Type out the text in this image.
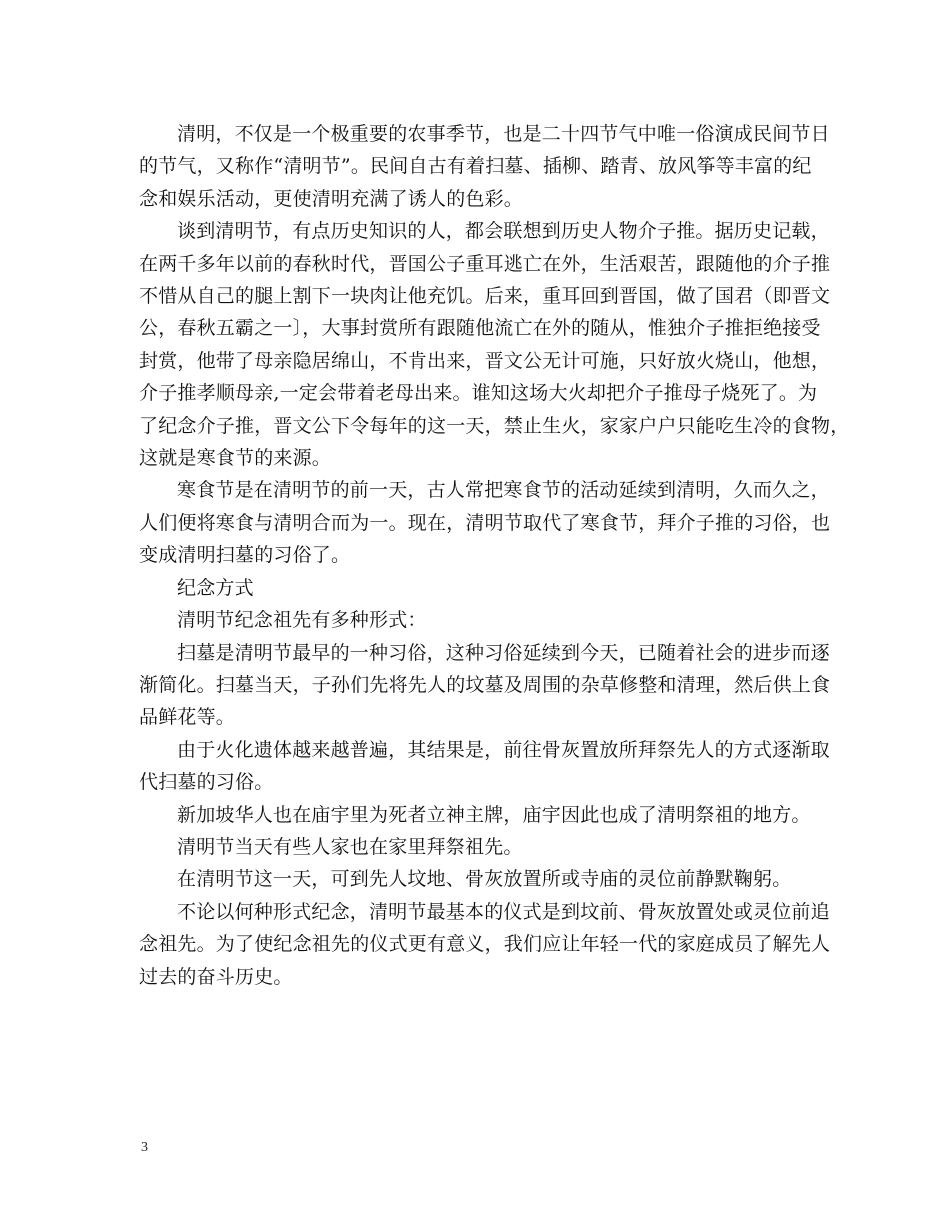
清明，不仅是一个极重要的农事季节，也是二十四节气中唯一俗演成民间节日
的节气，又称作“清明节”。民间自古有着扫墓、插柳、踏青、放风筝等丰富的纪
念和娱乐活动，更使清明充满了诱人的色彩。
谈到清明节，有点历史知识的人，都会联想到历史人物介子推。据历史记载，
在两千多年以前的春秋时代，晋国公子重耳逃亡在外，生活艰苦，跟随他的介子推
不惜从自己的腿上割下一块肉让他充饥。后来，重耳回到晋国，做了国君（即晋文
公，春秋五霸之一〕，大事封赏所有跟随他流亡在外的随从，惟独介子推拒绝接受
封赏，他带了母亲隐居绵山，不肯出来，晋文公无计可施，只好放火烧山，他想，
介子推孝顺母亲,一定会带着老母出来。谁知这场大火却把介子推母子烧死了。为
了纪念介子推，晋文公下令每年的这一天，禁止生火，家家户户只能吃生冷的食物，
这就是寒食节的来源。
寒食节是在清明节的前一天，古人常把寒食节的活动延续到清明，久而久之，
人们便将寒食与清明合而为一。现在，清明节取代了寒食节，拜介子推的习俗，也
变成清明扫墓的习俗了。
纪念方式
清明节纪念祖先有多种形式：
扫墓是清明节最早的一种习俗，这种习俗延续到今天，已随着社会的进步而逐
渐简化。扫墓当天，子孙们先将先人的坟墓及周围的杂草修整和清理，然后供上食
品鲜花等。
由于火化遗体越来越普遍，其结果是，前往骨灰置放所拜祭先人的方式逐渐取
代扫墓的习俗。
新加坡华人也在庙宇里为死者立神主牌，庙宇因此也成了清明祭祖的地方。
清明节当天有些人家也在家里拜祭祖先。
在清明节这一天，可到先人坟地、骨灰放置所或寺庙的灵位前静默鞠躬。
不论以何种形式纪念，清明节最基本的仪式是到坟前、骨灰放置处或灵位前追
念祖先。为了使纪念祖先的仪式更有意义，我们应让年轻一代的家庭成员了解先人
过去的奋斗历史。
3
